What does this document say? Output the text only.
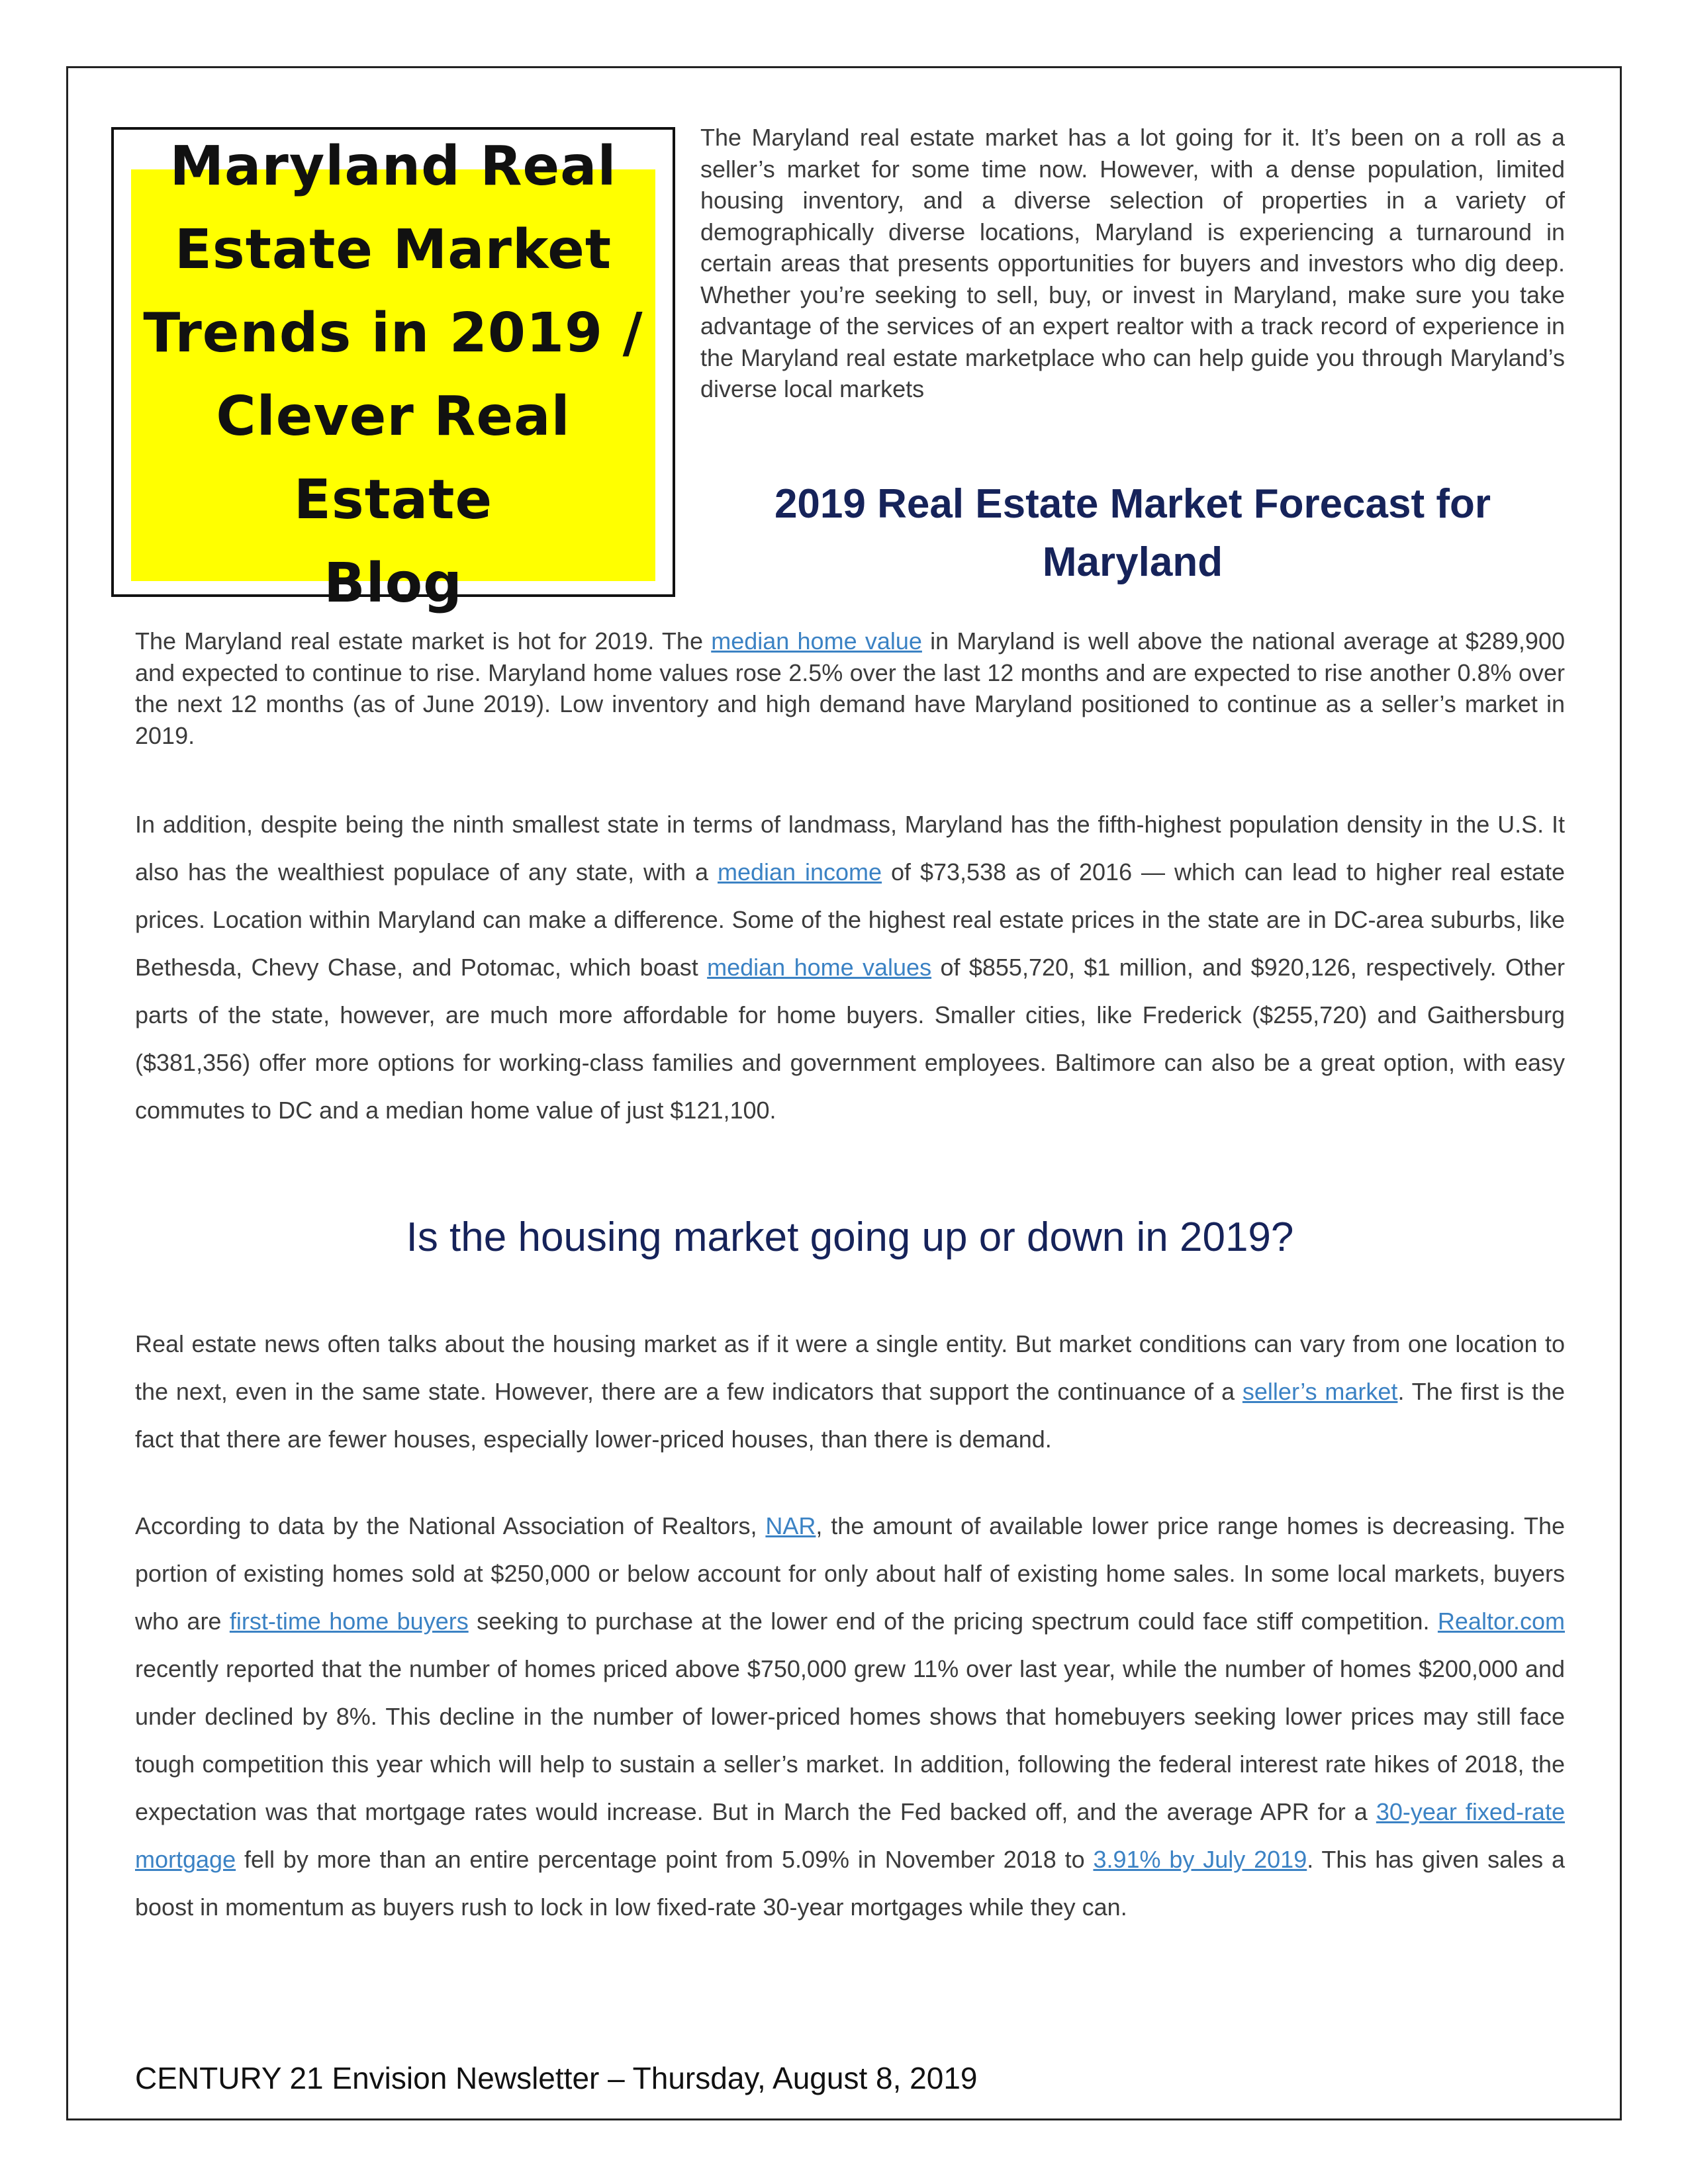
Maryland Real
Estate Market
Trends in 2019 /
Clever Real Estate
Blog

The Maryland real estate market has a lot going for it. It’s been on a roll as a seller’s market for some time now. However, with a dense population, limited housing inventory, and a diverse selection of properties in a variety of demographically diverse locations, Maryland is experiencing a turnaround in certain areas that presents opportunities for buyers and investors who dig deep. Whether you’re seeking to sell, buy, or invest in Maryland, make sure you take advantage of the services of an expert realtor with a track record of experience in the Maryland real estate marketplace who can help guide you through Maryland’s diverse local markets

2019 Real Estate Market Forecast for
Maryland

The Maryland real estate market is hot for 2019. The median home value in Maryland is well above the national average at $289,900 and expected to continue to rise. Maryland home values rose 2.5% over the last 12 months and are expected to rise another 0.8% over the next 12 months (as of June 2019). Low inventory and high demand have Maryland positioned to continue as a seller’s market in 2019.

In addition, despite being the ninth smallest state in terms of landmass, Maryland has the fifth-highest population density in the U.S. It also has the wealthiest populace of any state, with a median income of $73,538 as of 2016 — which can lead to higher real estate prices. Location within Maryland can make a difference. Some of the highest real estate prices in the state are in DC-area suburbs, like Bethesda, Chevy Chase, and Potomac, which boast median home values of $855,720, $1 million, and $920,126, respectively. Other parts of the state, however, are much more affordable for home buyers. Smaller cities, like Frederick ($255,720) and Gaithersburg ($381,356) offer more options for working-class families and government employees. Baltimore can also be a great option, with easy commutes to DC and a median home value of just $121,100.

Is the housing market going up or down in 2019?

Real estate news often talks about the housing market as if it were a single entity. But market conditions can vary from one location to the next, even in the same state. However, there are a few indicators that support the continuance of a seller’s market. The first is the fact that there are fewer houses, especially lower-priced houses, than there is demand.

According to data by the National Association of Realtors, NAR, the amount of available lower price range homes is decreasing. The portion of existing homes sold at $250,000 or below account for only about half of existing home sales. In some local markets, buyers who are first-time home buyers seeking to purchase at the lower end of the pricing spectrum could face stiff competition. Realtor.com recently reported that the number of homes priced above $750,000 grew 11% over last year, while the number of homes $200,000 and under declined by 8%. This decline in the number of lower-priced homes shows that homebuyers seeking lower prices may still face tough competition this year which will help to sustain a seller’s market. In addition, following the federal interest rate hikes of 2018, the expectation was that mortgage rates would increase. But in March the Fed backed off, and the average APR for a 30-year fixed-rate mortgage fell by more than an entire percentage point from 5.09% in November 2018 to 3.91% by July 2019. This has given sales a boost in momentum as buyers rush to lock in low fixed-rate 30-year mortgages while they can.

CENTURY 21 Envision Newsletter – Thursday, August 8, 2019
